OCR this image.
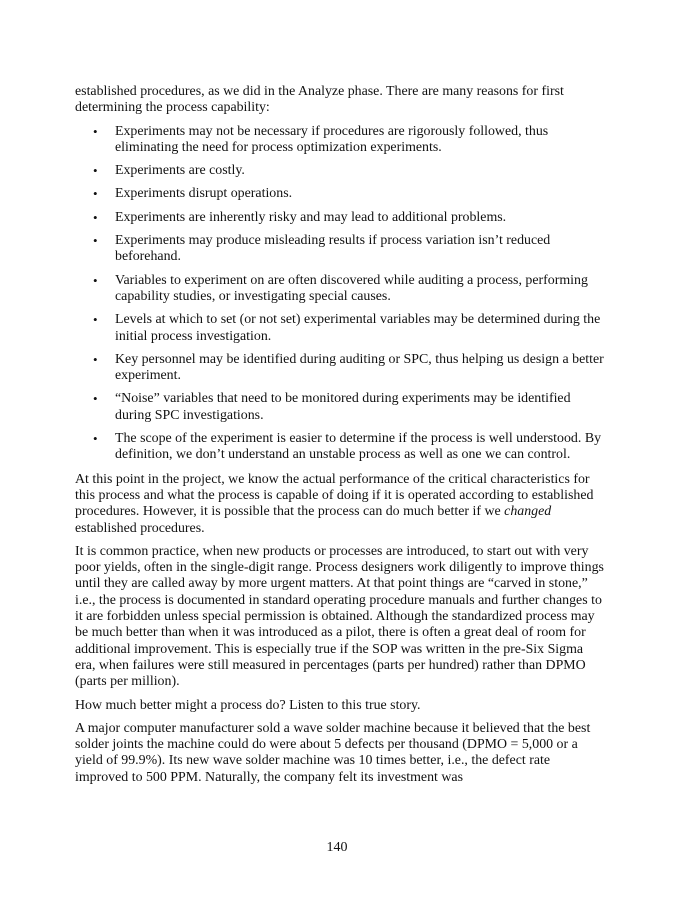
established procedures, as we did in the Analyze phase. There are many reasons for first determining the process capability:

• Experiments may not be necessary if procedures are rigorously followed, thus eliminating the need for process optimization experiments.
• Experiments are costly.
• Experiments disrupt operations.
• Experiments are inherently risky and may lead to additional problems.
• Experiments may produce misleading results if process variation isn’t reduced beforehand.
• Variables to experiment on are often discovered while auditing a process, performing capability studies, or investigating special causes.
• Levels at which to set (or not set) experimental variables may be determined during the initial process investigation.
• Key personnel may be identified during auditing or SPC, thus helping us design a better experiment.
• “Noise” variables that need to be monitored during experiments may be identified during SPC investigations.
• The scope of the experiment is easier to determine if the process is well understood. By definition, we don’t understand an unstable process as well as one we can control.

At this point in the project, we know the actual performance of the critical characteristics for this process and what the process is capable of doing if it is operated according to established procedures. However, it is possible that the process can do much better if we changed established procedures.

It is common practice, when new products or processes are introduced, to start out with very poor yields, often in the single-digit range. Process designers work diligently to improve things until they are called away by more urgent matters. At that point things are “carved in stone,” i.e., the process is documented in standard operating procedure manuals and further changes to it are forbidden unless special permission is obtained. Although the standardized process may be much better than when it was introduced as a pilot, there is often a great deal of room for additional improvement. This is especially true if the SOP was written in the pre-Six Sigma era, when failures were still measured in percentages (parts per hundred) rather than DPMO (parts per million).

How much better might a process do? Listen to this true story.

A major computer manufacturer sold a wave solder machine because it believed that the best solder joints the machine could do were about 5 defects per thousand (DPMO = 5,000 or a yield of 99.9%). Its new wave solder machine was 10 times better, i.e., the defect rate improved to 500 PPM. Naturally, the company felt its investment was

140
